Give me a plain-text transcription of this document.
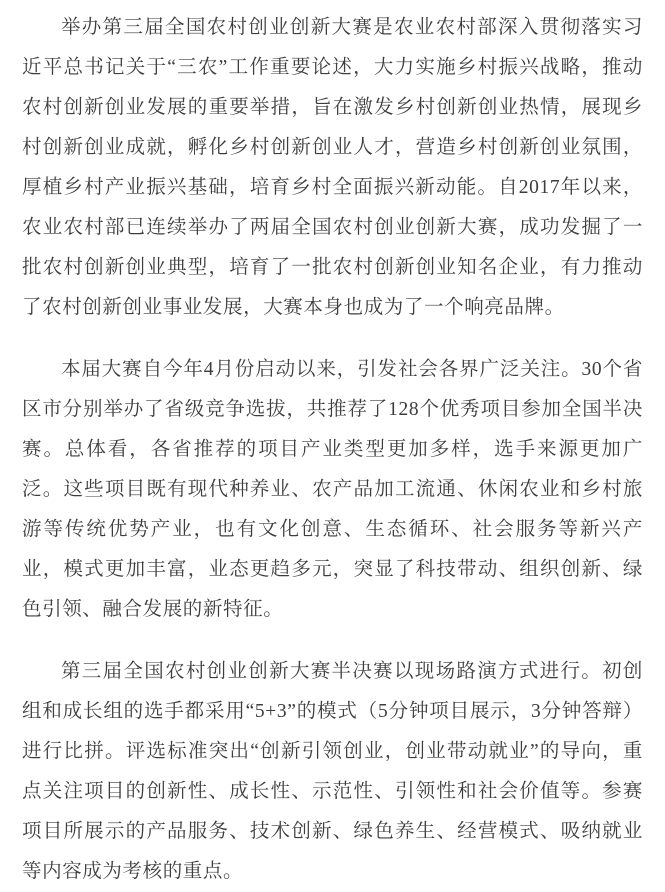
举办第三届全国农村创业创新大赛是农业农村部深入贯彻落实习近平总书记关于“三农”工作重要论述，大力实施乡村振兴战略，推动农村创新创业发展的重要举措，旨在激发乡村创新创业热情，展现乡村创新创业成就，孵化乡村创新创业人才，营造乡村创新创业氛围，厚植乡村产业振兴基础，培育乡村全面振兴新动能。自2017年以来，农业农村部已连续举办了两届全国农村创业创新大赛，成功发掘了一批农村创新创业典型，培育了一批农村创新创业知名企业，有力推动了农村创新创业事业发展，大赛本身也成为了一个响亮品牌。

本届大赛自今年4月份启动以来，引发社会各界广泛关注。30个省区市分别举办了省级竞争选拔，共推荐了128个优秀项目参加全国半决赛。总体看，各省推荐的项目产业类型更加多样，选手来源更加广泛。这些项目既有现代种养业、农产品加工流通、休闲农业和乡村旅游等传统优势产业，也有文化创意、生态循环、社会服务等新兴产业，模式更加丰富，业态更趋多元，突显了科技带动、组织创新、绿色引领、融合发展的新特征。

第三届全国农村创业创新大赛半决赛以现场路演方式进行。初创组和成长组的选手都采用“5+3”的模式（5分钟项目展示，3分钟答辩）进行比拼。评选标准突出“创新引领创业，创业带动就业”的导向，重点关注项目的创新性、成长性、示范性、引领性和社会价值等。参赛项目所展示的产品服务、技术创新、绿色养生、经营模式、吸纳就业等内容成为考核的重点。
